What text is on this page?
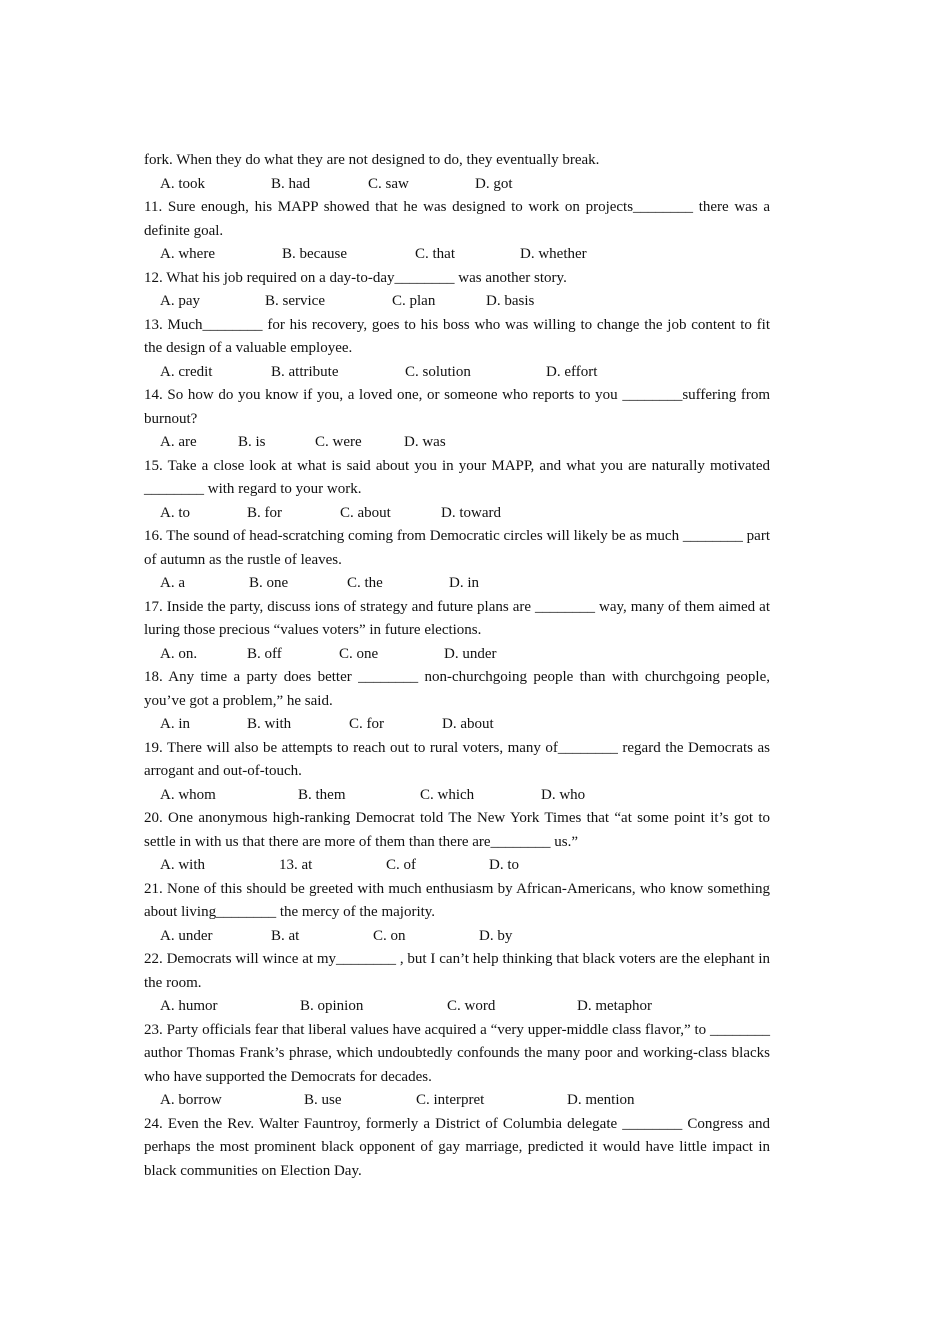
fork. When they do what they are not designed to do, they eventually break.
A. took	B. had	C. saw	D. got
11. Sure enough, his MAPP showed that he was designed to work on projects________ there was a definite goal.
A. where	B. because	C. that	D. whether
12. What his job required on a day-to-day________ was another story.
A. pay	B. service	C. plan	D. basis
13. Much________ for his recovery, goes to his boss who was willing to change the job content to fit the design of a valuable employee.
A. credit	B. attribute	C. solution	D. effort
14. So how do you know if you, a loved one, or someone who reports to you ________suffering from burnout?
A. are	B. is	C. were	D. was
15. Take a close look at what is said about you in your MAPP, and what you are naturally motivated ________ with regard to your work.
A. to	B. for	C. about	D. toward
16. The sound of head-scratching coming from Democratic circles will likely be as much ________ part of autumn as the rustle of leaves.
A. a	B. one	C. the	D. in
17. Inside the party, discuss ions of strategy and future plans are ________ way, many of them aimed at luring those precious “values voters” in future elections.
A. on.	B. off	C. one	D. under
18. Any time a party does better ________ non-churchgoing people than with churchgoing people, you’ve got a problem,” he said.
A. in	B. with	C. for	D. about
19. There will also be attempts to reach out to rural voters, many of________ regard the Democrats as arrogant and out-of-touch.
A. whom	B. them	C. which	D. who
20. One anonymous high-ranking Democrat told The New York Times that “at some point it’s got to settle in with us that there are more of them than there are________ us.”
A. with	13. at	C. of	D. to
21. None of this should be greeted with much enthusiasm by African-Americans, who know something about living________ the mercy of the majority.
A. under	B. at	C. on	D. by
22. Democrats will wince at my________ , but I can’t help thinking that black voters are the elephant in the room.
A. humor	B. opinion	C. word	D. metaphor
23. Party officials fear that liberal values have acquired a “very upper-middle class flavor,” to ________ author Thomas Frank’s phrase, which undoubtedly confounds the many poor and working-class blacks who have supported the Democrats for decades.
A. borrow	B. use	C. interpret	D. mention
24. Even the Rev. Walter Fauntroy, formerly a District of Columbia delegate ________ Congress and perhaps the most prominent black opponent of gay marriage, predicted it would have little impact in black communities on Election Day.
